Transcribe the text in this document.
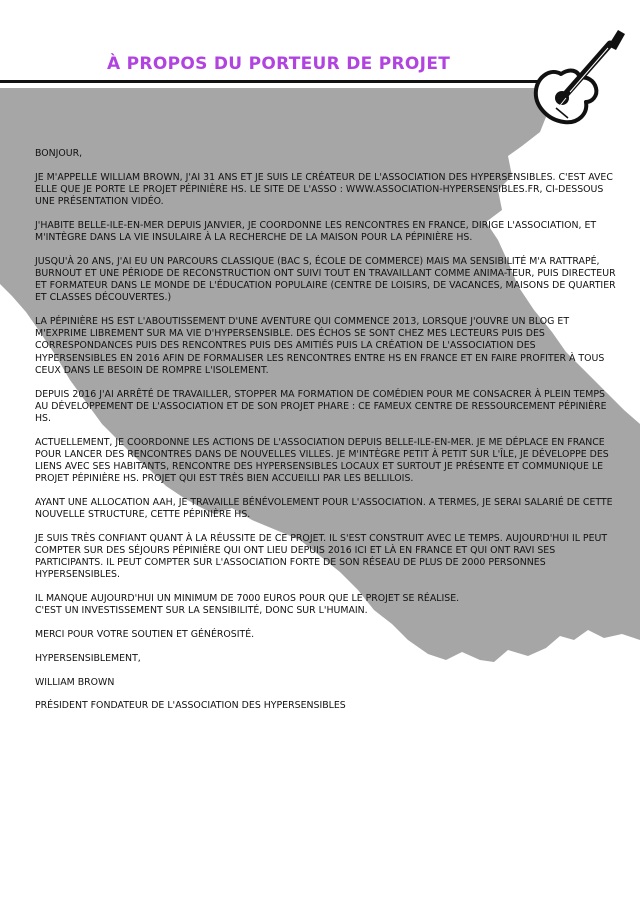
À PROPOS DU PORTEUR DE PROJET

BONJOUR,

JE M'APPELLE WILLIAM BROWN, J'AI 31 ANS ET JE SUIS LE CRÉATEUR DE L'ASSOCIATION DES HYPERSENSIBLES. C'EST AVEC ELLE QUE JE PORTE LE PROJET PÉPINIÈRE HS. LE SITE DE L'ASSO : WWW.ASSOCIATION-HYPERSENSIBLES.FR, CI-DESSOUS UNE PRÉSENTATION VIDÉO.

J'HABITE BELLE-ILE-EN-MER DEPUIS JANVIER, JE COORDONNE LES RENCONTRES EN FRANCE, DIRIGE L'ASSOCIATION, ET M'INTÈGRE DANS LA VIE INSULAIRE À LA RECHERCHE DE LA MAISON POUR LA PÉPINIÈRE HS.

JUSQU'À 20 ANS, J'AI EU UN PARCOURS CLASSIQUE (BAC S, ÉCOLE DE COMMERCE) MAIS MA SENSIBILITÉ M'A RATTRAPÉ, BURNOUT ET UNE PÉRIODE DE RECONSTRUCTION ONT SUIVI TOUT EN TRAVAILLANT COMME ANIMA-TEUR, PUIS DIRECTEUR ET FORMATEUR DANS LE MONDE DE L'ÉDUCATION POPULAIRE (CENTRE DE LOISIRS, DE VACANCES, MAISONS DE QUARTIER ET CLASSES DÉCOUVERTES.)

LA PÉPINIÈRE HS EST L'ABOUTISSEMENT D'UNE AVENTURE QUI COMMENCE 2013, LORSQUE J'OUVRE UN BLOG ET M'EXPRIME LIBREMENT SUR MA VIE D'HYPERSENSIBLE. DES ÉCHOS SE SONT CHEZ MES LECTEURS PUIS DES CORRESPONDANCES PUIS DES RENCONTRES PUIS DES AMITIÉS PUIS LA CRÉATION DE L'ASSOCIATION DES HYPERSENSIBLES EN 2016 AFIN DE FORMALISER LES RENCONTRES ENTRE HS EN FRANCE ET EN FAIRE PROFITER À TOUS CEUX DANS LE BESOIN DE ROMPRE L'ISOLEMENT.

DEPUIS 2016 J'AI ARRÊTÉ DE TRAVAILLER, STOPPER MA FORMATION DE COMÉDIEN POUR ME CONSACRER À PLEIN TEMPS AU DÉVELOPPEMENT DE L'ASSOCIATION ET DE SON PROJET PHARE : CE FAMEUX CENTRE DE RESSOURCEMENT PÉPINIÈRE HS.

ACTUELLEMENT, JE COORDONNE LES ACTIONS DE L'ASSOCIATION DEPUIS BELLE-ILE-EN-MER. JE ME DÉPLACE EN FRANCE POUR LANCER DES RENCONTRES DANS DE NOUVELLES VILLES. JE M'INTÈGRE PETIT À PETIT SUR L'ÎLE, JE DÉVELOPPE DES LIENS AVEC SES HABITANTS, RENCONTRE DES HYPERSENSIBLES LOCAUX ET SURTOUT JE PRÉSENTE ET COMMUNIQUE LE PROJET PÉPINIÈRE HS. PROJET QUI EST TRÈS BIEN ACCUEILLI PAR LES BELLILOIS.

AYANT UNE ALLOCATION AAH, JE TRAVAILLE BÉNÉVOLEMENT POUR L'ASSOCIATION. A TERMES, JE SERAI SALARIÉ DE CETTE NOUVELLE STRUCTURE, CETTE PÉPINIÈRE HS.

JE SUIS TRÈS CONFIANT QUANT À LA RÉUSSITE DE CE PROJET. IL S'EST CONSTRUIT AVEC LE TEMPS. AUJOURD'HUI IL PEUT COMPTER SUR DES SÉJOURS PÉPINIÈRE QUI ONT LIEU DEPUIS 2016 ICI ET LÀ EN FRANCE ET QUI ONT RAVI SES PARTICIPANTS. IL PEUT COMPTER SUR L'ASSOCIATION FORTE DE SON RÉSEAU DE PLUS DE 2000 PERSONNES HYPERSENSIBLES.

IL MANQUE AUJOURD'HUI UN MINIMUM DE 7000 EUROS POUR QUE LE PROJET SE RÉALISE.
C'EST UN INVESTISSEMENT SUR LA SENSIBILITÉ, DONC SUR L'HUMAIN.

MERCI POUR VOTRE SOUTIEN ET GÉNÉROSITÉ.

HYPERSENSIBLEMENT,

WILLIAM BROWN

PRÉSIDENT FONDATEUR DE L'ASSOCIATION DES HYPERSENSIBLES
